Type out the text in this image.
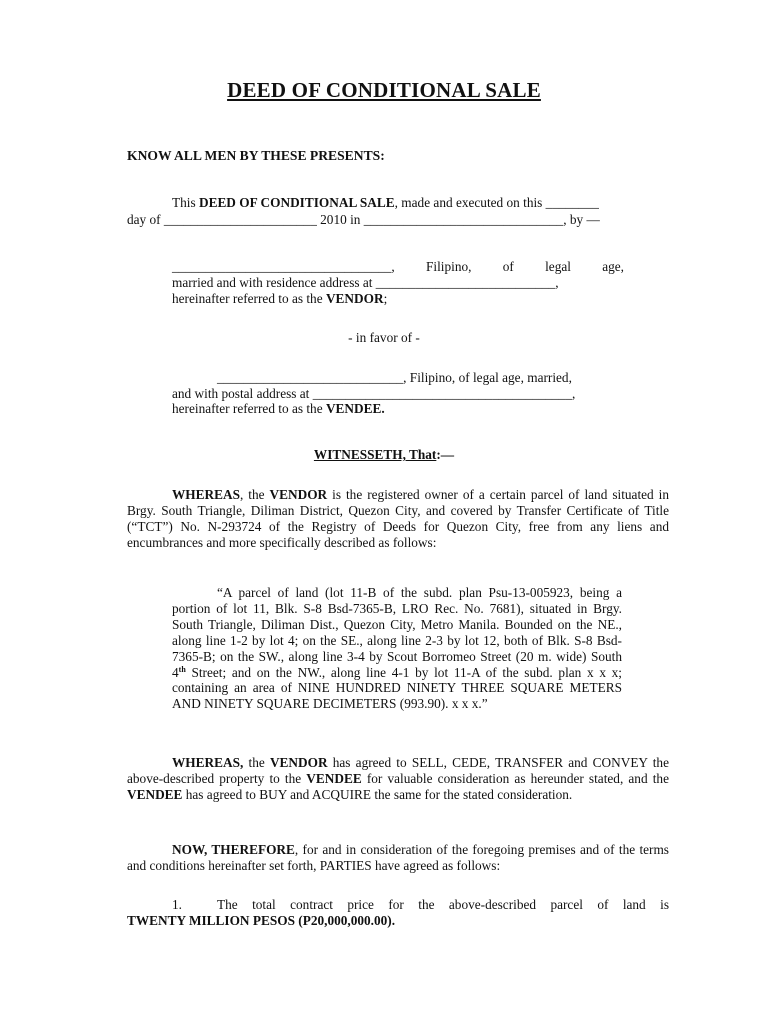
DEED OF CONDITIONAL SALE
KNOW ALL MEN BY THESE PRESENTS:
This DEED OF CONDITIONAL SALE, made and executed on this ________
day of _______________________ 2010 in ______________________________, by —
_________________________________, Filipino, of legal age,
married and with residence address at ___________________________,
hereinafter referred to as the VENDOR;
- in favor of -
____________________________, Filipino, of legal age, married,
and with postal address at _______________________________________,
hereinafter referred to as the VENDEE.
WITNESSETH, That:—

WHEREAS, the VENDOR is the registered owner of a certain parcel of land situated in Brgy. South Triangle, Diliman District, Quezon City, and covered by Transfer Certificate of Title (“TCT”) No. N-293724 of the Registry of Deeds for Quezon City, free from any liens and encumbrances and more specifically described as follows:

“A parcel of land (lot 11-B of the subd. plan Psu-13-005923, being a portion of lot 11, Blk. S-8 Bsd-7365-B, LRO Rec. No. 7681), situated in Brgy. South Triangle, Diliman Dist., Quezon City, Metro Manila. Bounded on the NE., along line 1-2 by lot 4; on the SE., along line 2-3 by lot 12, both of Blk. S-8 Bsd-7365-B; on the SW., along line 3-4 by Scout Borromeo Street (20 m. wide) South 4th Street; and on the NW., along line 4-1 by lot 11-A of the subd. plan x x x; containing an area of NINE HUNDRED NINETY THREE SQUARE METERS AND NINETY SQUARE DECIMETERS (993.90). x x x.”

WHEREAS, the VENDOR has agreed to SELL, CEDE, TRANSFER and CONVEY the above-described property to the VENDEE for valuable consideration as hereunder stated, and the VENDEE has agreed to BUY and ACQUIRE the same for the stated consideration.

NOW, THEREFORE, for and in consideration of the foregoing premises and of the terms and conditions hereinafter set forth, PARTIES have agreed as follows:

1.	The total contract price for the above-described parcel of land is
TWENTY MILLION PESOS (P20,000,000.00).
